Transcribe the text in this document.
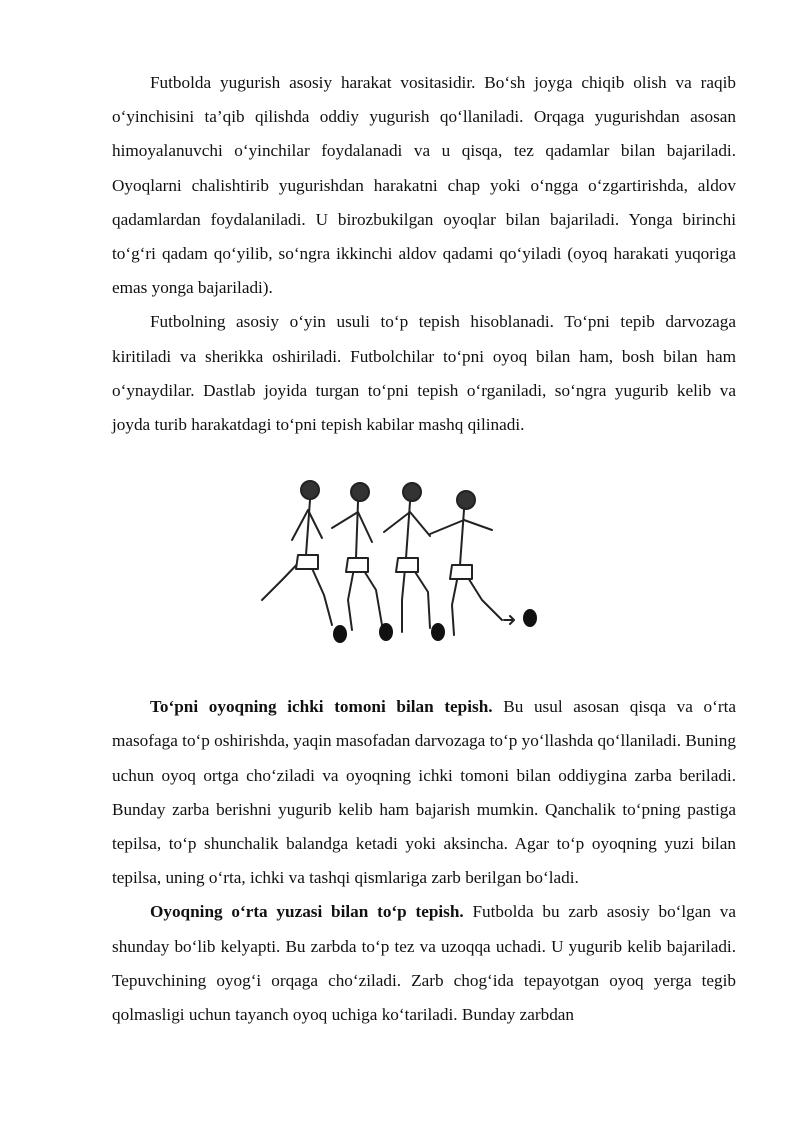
Futbolda yugurish asosiy harakat vositasidir. Bo‘sh joyga chiqib olish va raqib o‘yinchisini ta’qib qilishda oddiy yugurish qo‘llaniladi. Orqaga yugurishdan asosan himoyalanuvchi o‘yinchilar foydalanadi va u qisqa, tez qadamlar bilan bajariladi. Oyoqlarni chalishtirib yugurishdan harakatni chap yoki o‘ngga o‘zgartirishda, aldov qadamlardan foydalaniladi. U birozbukilgan oyoqlar bilan bajariladi. Yonga birinchi to‘g‘ri qadam qo‘yilib, so‘ngra ikkinchi aldov qadami qo‘yiladi (oyoq harakati yuqoriga emas yonga bajariladi).

Futbolning asosiy o‘yin usuli to‘p tepish hisoblanadi. To‘pni tepib darvozaga kiritiladi va sherikka oshiriladi. Futbolchilar to‘pni oyoq bilan ham, bosh bilan ham o‘ynaydilar. Dastlab joyida turgan to‘pni tepish o‘rganiladi, so‘ngra yugurib kelib va joyda turib harakatdagi to‘pni tepish kabilar mashq qilinadi.

To‘pni oyoqning ichki tomoni bilan tepish. Bu usul asosan qisqa va o‘rta masofaga to‘p oshirishda, yaqin masofadan darvozaga to‘p yo‘llashda qo‘llaniladi. Buning uchun oyoq ortga cho‘ziladi va oyoqning ichki tomoni bilan oddiygina zarba beriladi. Bunday zarba berishni yugurib kelib ham bajarish mumkin. Qanchalik to‘pning pastiga tepilsa, to‘p shunchalik balandga ketadi yoki aksincha. Agar to‘p oyoqning yuzi bilan tepilsa, uning o‘rta, ichki va tashqi qismlariga zarb berilgan bo‘ladi.

Oyoqning o‘rta yuzasi bilan to‘p tepish. Futbolda bu zarb asosiy bo‘lgan va shunday bo‘lib kelyapti. Bu zarbda to‘p tez va uzoqqa uchadi. U yugurib kelib bajariladi. Tepuvchining oyog‘i orqaga cho‘ziladi. Zarb chog‘ida tepayotgan oyoq yerga tegib qolmasligi uchun tayanch oyoq uchiga ko‘tariladi. Bunday zarbdan
